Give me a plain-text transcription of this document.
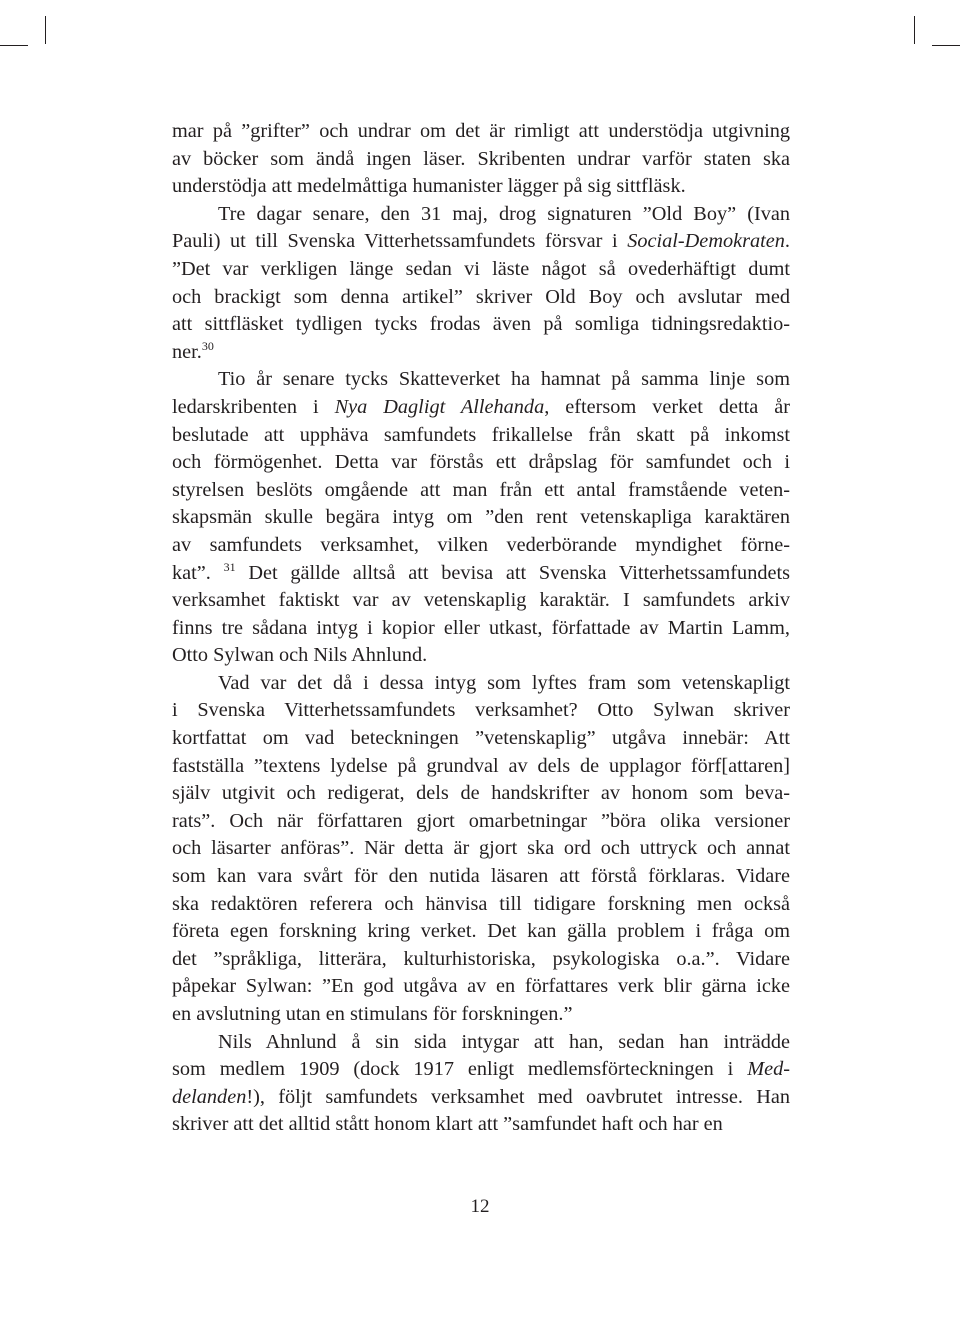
mar på ”grifter” och undrar om det är rimligt att understödja utgivning
av böcker som ändå ingen läser. Skribenten undrar varför staten ska
understödja att medelmåttiga humanister lägger på sig sittfläsk.
Tre dagar senare, den 31 maj, drog signaturen ”Old Boy” (Ivan
Pauli) ut till Svenska Vitterhetssamfundets försvar i Social-Demokraten.
”Det var verkligen länge sedan vi läste något så ovederhäftigt dumt
och brackigt som denna artikel” skriver Old Boy och avslutar med
att sittfläsket tydligen tycks frodas även på somliga tidningsredaktio-
ner.$^{30}$
Tio år senare tycks Skatteverket ha hamnat på samma linje som
ledarskribenten i Nya Dagligt Allehanda, eftersom verket detta år
beslutade att upphäva samfundets frikallelse från skatt på inkomst
och förmögenhet. Detta var förstås ett dråpslag för samfundet och i
styrelsen beslöts omgående att man från ett antal framstående veten-
skapsmän skulle begära intyg om ”den rent vetenskapliga karaktären
av samfundets verksamhet, vilken vederbörande myndighet förne-
kat”. $^{31}$ Det gällde alltså att bevisa att Svenska Vitterhetssamfundets
verksamhet faktiskt var av vetenskaplig karaktär. I samfundets arkiv
finns tre sådana intyg i kopior eller utkast, författade av Martin Lamm,
Otto Sylwan och Nils Ahnlund.
Vad var det då i dessa intyg som lyftes fram som vetenskapligt
i Svenska Vitterhetssamfundets verksamhet? Otto Sylwan skriver
kortfattat om vad beteckningen ”vetenskaplig” utgåva innebär: Att
fastställa ”textens lydelse på grundval av dels de upplagor förf[attaren]
själv utgivit och redigerat, dels de handskrifter av honom som beva-
rats”. Och när författaren gjort omarbetningar ”böra olika versioner
och läsarter anföras”. När detta är gjort ska ord och uttryck och annat
som kan vara svårt för den nutida läsaren att förstå förklaras. Vidare
ska redaktören referera och hänvisa till tidigare forskning men också
företa egen forskning kring verket. Det kan gälla problem i fråga om
det ”språkliga, litterära, kulturhistoriska, psykologiska o.a.”. Vidare
påpekar Sylwan: ”En god utgåva av en författares verk blir gärna icke
en avslutning utan en stimulans för forskningen.”
Nils Ahnlund å sin sida intygar att han, sedan han inträdde
som medlem 1909 (dock 1917 enligt medlemsförteckningen i Med-
delanden!), följt samfundets verksamhet med oavbrutet intresse. Han
skriver att det alltid stått honom klart att ”samfundet haft och har en
12
